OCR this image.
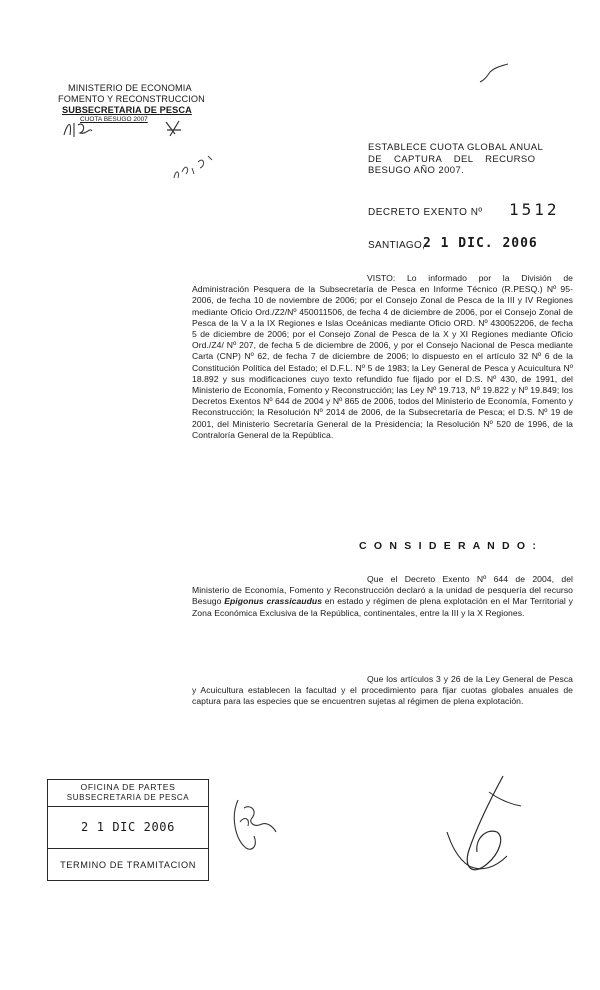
MINISTERIO DE ECONOMIA
FOMENTO Y RECONSTRUCCION
SUBSECRETARIA DE PESCA
CUOTA BESUGO 2007
ESTABLECE CUOTA GLOBAL ANUAL
DE CAPTURA DEL RECURSO
BESUGO AÑO 2007.
DECRETO EXENTO Nº 1512
SANTIAGO,
2 1 DIC. 2006
VISTO: Lo informado por la División de Administración Pesquera de la Subsecretaría de Pesca en Informe Técnico (R.PESQ.) Nº 95-2006, de fecha 10 de noviembre de 2006; por el Consejo Zonal de Pesca de la III y IV Regiones mediante Oficio Ord./Z2/Nº 450011506, de fecha 4 de diciembre de 2006, por el Consejo Zonal de Pesca de la V a la IX Regiones e Islas Oceánicas mediante Oficio ORD. Nº 430052206, de fecha 5 de diciembre de 2006; por el Consejo Zonal de Pesca de la X y XI Regiones mediante Oficio Ord./Z4/ Nº 207, de fecha 5 de diciembre de 2006, y por el Consejo Nacional de Pesca mediante Carta (CNP) Nº 62, de fecha 7 de diciembre de 2006; lo dispuesto en el artículo 32 Nº 6 de la Constitución Política del Estado; el D.F.L. Nº 5 de 1983; la Ley General de Pesca y Acuicultura Nº 18.892 y sus modificaciones cuyo texto refundido fue fijado por el D.S. Nº 430, de 1991, del Ministerio de Economía, Fomento y Reconstrucción; las Ley Nº 19.713, Nº 19.822 y Nº 19.849; los Decretos Exentos Nº 644 de 2004 y Nº 865 de 2006, todos del Ministerio de Economía, Fomento y Reconstrucción; la Resolución Nº 2014 de 2006, de la Subsecretaría de Pesca; el D.S. Nº 19 de 2001, del Ministerio Secretaría General de la Presidencia; la Resolución Nº 520 de 1996, de la Contraloría General de la República.
C O N S I D E R A N D O :
Que el Decreto Exento Nº 644 de 2004, del Ministerio de Economía, Fomento y Reconstrucción declaró a la unidad de pesquería del recurso Besugo Epigonus crassicaudus en estado y régimen de plena explotación en el Mar Territorial y Zona Económica Exclusiva de la República, continentales, entre la III y la X Regiones.
Que los artículos 3 y 26 de la Ley General de Pesca y Acuicultura establecen la facultad y el procedimiento para fijar cuotas globales anuales de captura para las especies que se encuentren sujetas al régimen de plena explotación.
OFICINA DE PARTES
SUBSECRETARIA DE PESCA
2 1 DIC 2006
TERMINO DE TRAMITACION
